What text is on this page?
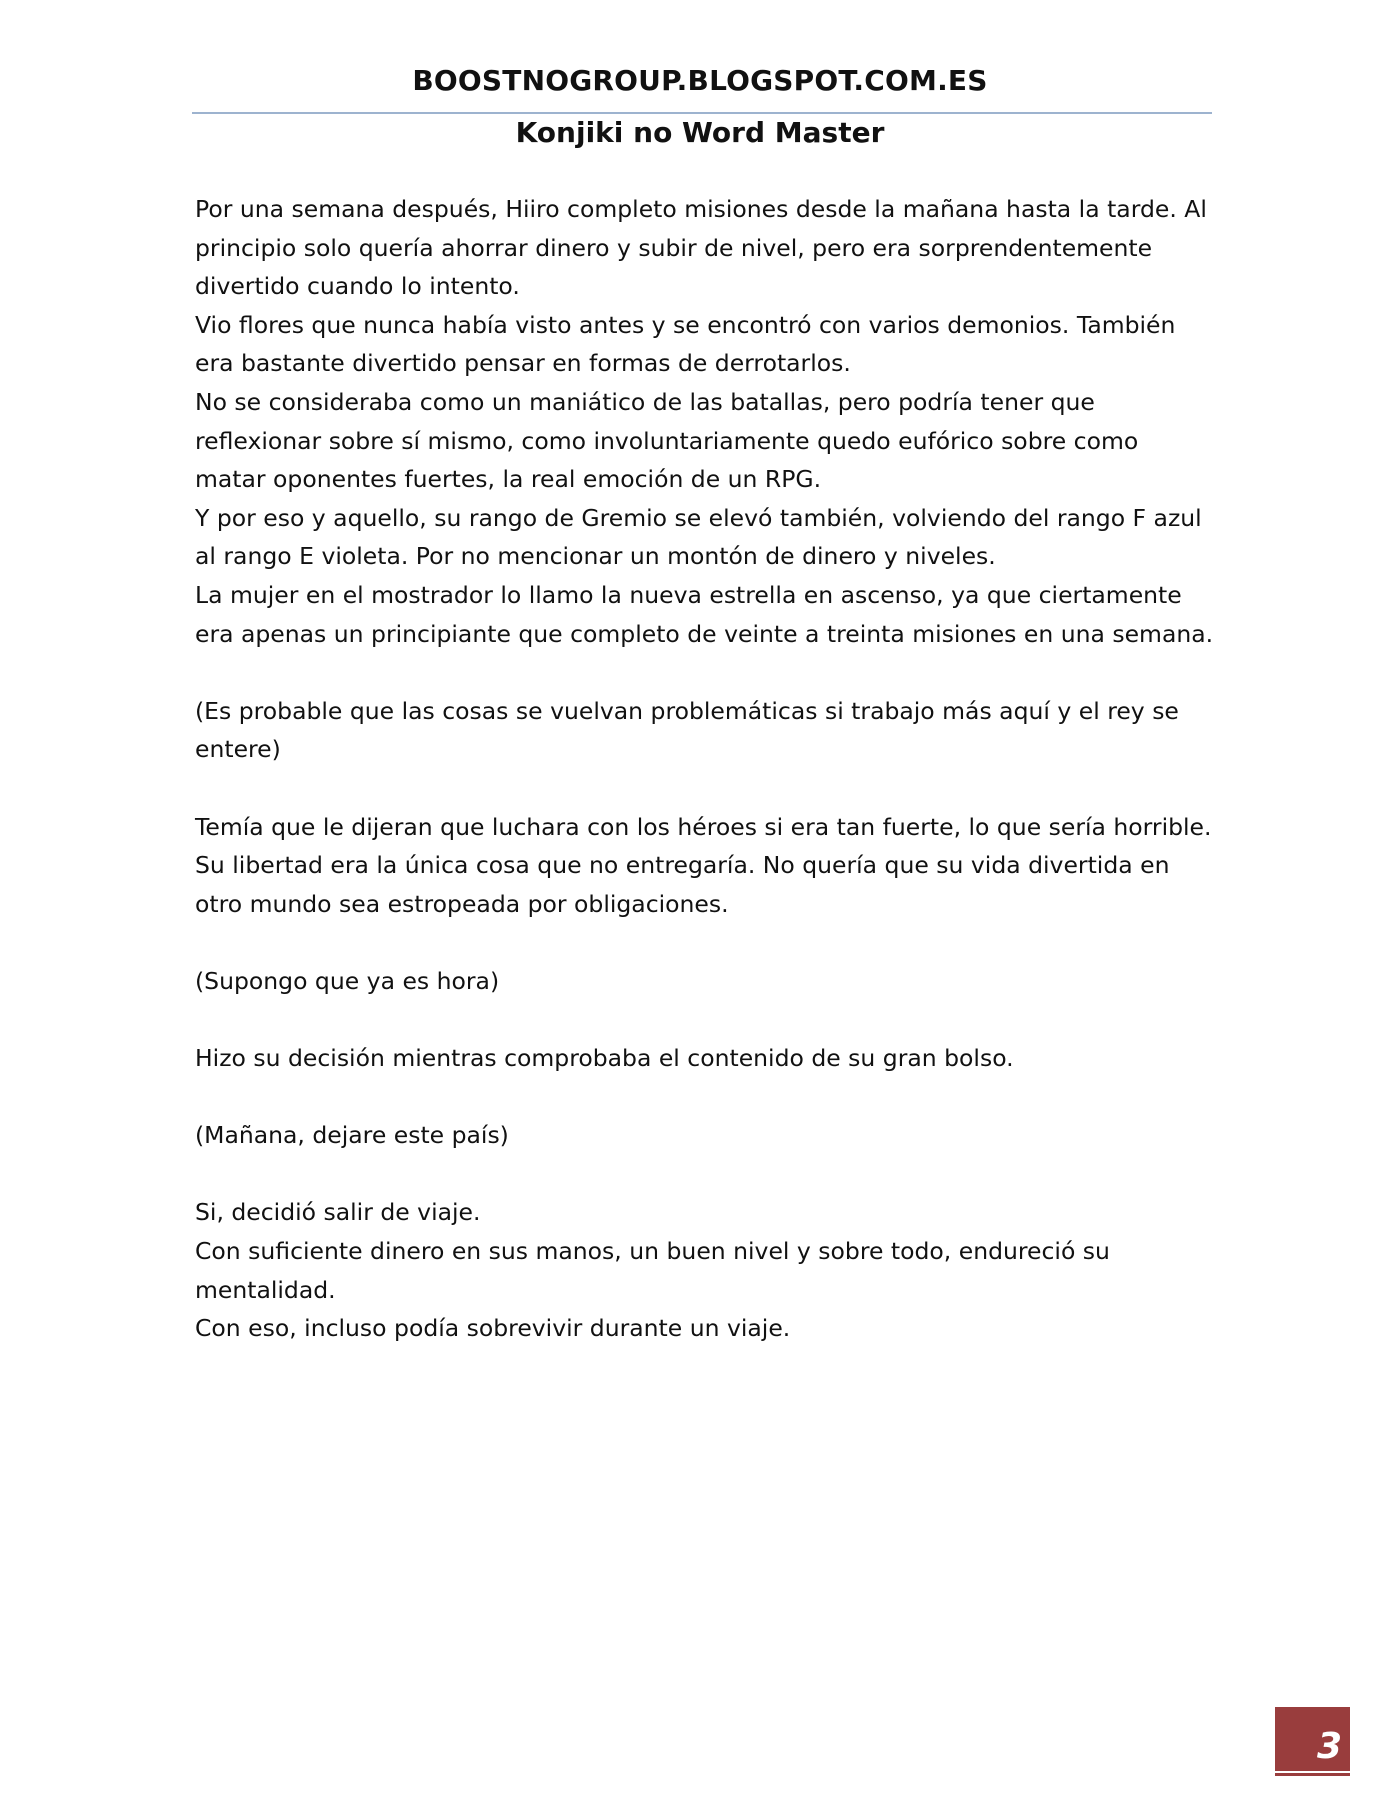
BOOSTNOGROUP.BLOGSPOT.COM.ES
Konjiki no Word Master

Por una semana después, Hiiro completo misiones desde la mañana hasta la tarde. Al principio solo quería ahorrar dinero y subir de nivel, pero era sorprendentemente divertido cuando lo intento.

Vio flores que nunca había visto antes y se encontró con varios demonios. También era bastante divertido pensar en formas de derrotarlos.

No se consideraba como un maniático de las batallas, pero podría tener que reflexionar sobre sí mismo, como involuntariamente quedo eufórico sobre como matar oponentes fuertes, la real emoción de un RPG.

Y por eso y aquello, su rango de Gremio se elevó también, volviendo del rango F azul al rango E violeta. Por no mencionar un montón de dinero y niveles.

La mujer en el mostrador lo llamo la nueva estrella en ascenso, ya que ciertamente era apenas un principiante que completo de veinte a treinta misiones en una semana.

(Es probable que las cosas se vuelvan problemáticas si trabajo más aquí y el rey se entere)

Temía que le dijeran que luchara con los héroes si era tan fuerte, lo que sería horrible. Su libertad era la única cosa que no entregaría. No quería que su vida divertida en otro mundo sea estropeada por obligaciones.

(Supongo que ya es hora)

Hizo su decisión mientras comprobaba el contenido de su gran bolso.

(Mañana, dejare este país)

Si, decidió salir de viaje.

Con suficiente dinero en sus manos, un buen nivel y sobre todo, endureció su mentalidad.

Con eso, incluso podía sobrevivir durante un viaje.

3
